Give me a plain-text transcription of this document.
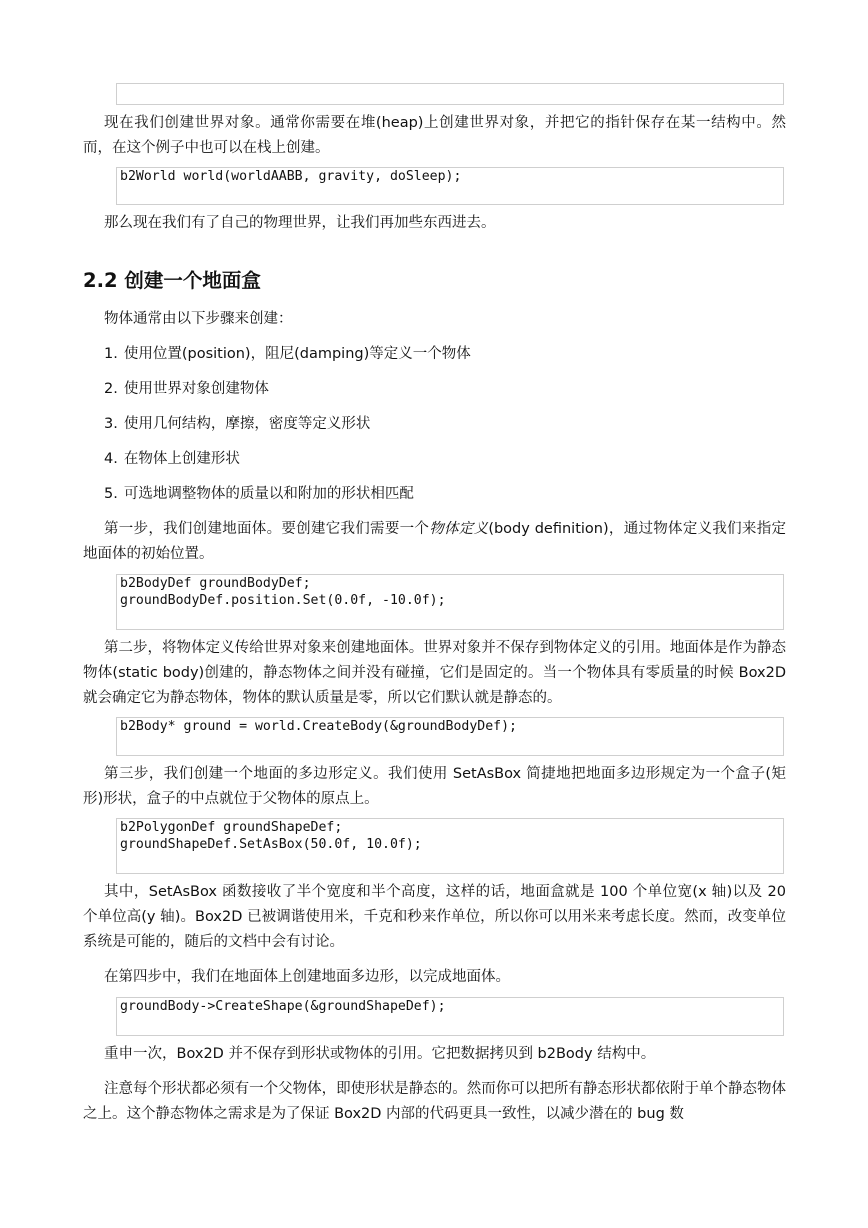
现在我们创建世界对象。通常你需要在堆(heap)上创建世界对象，并把它的指针保存在某一结构中。然而，在这个例子中也可以在栈上创建。

b2World world(worldAABB, gravity, doSleep);

那么现在我们有了自己的物理世界，让我们再加些东西进去。

2.2 创建一个地面盒

物体通常由以下步骤来创建：

1. 使用位置(position)，阻尼(damping)等定义一个物体

2. 使用世界对象创建物体

3. 使用几何结构，摩擦，密度等定义形状

4. 在物体上创建形状

5. 可选地调整物体的质量以和附加的形状相匹配

第一步，我们创建地面体。要创建它我们需要一个物体定义(body definition)，通过物体定义我们来指定地面体的初始位置。

b2BodyDef groundBodyDef;
groundBodyDef.position.Set(0.0f, -10.0f);

第二步，将物体定义传给世界对象来创建地面体。世界对象并不保存到物体定义的引用。地面体是作为静态物体(static body)创建的，静态物体之间并没有碰撞，它们是固定的。当一个物体具有零质量的时候 Box2D 就会确定它为静态物体，物体的默认质量是零，所以它们默认就是静态的。

b2Body* ground = world.CreateBody(&groundBodyDef);

第三步，我们创建一个地面的多边形定义。我们使用 SetAsBox 简捷地把地面多边形规定为一个盒子(矩形)形状，盒子的中点就位于父物体的原点上。

b2PolygonDef groundShapeDef;
groundShapeDef.SetAsBox(50.0f, 10.0f);

其中，SetAsBox 函数接收了半个宽度和半个高度，这样的话，地面盒就是 100 个单位宽(x 轴)以及 20 个单位高(y 轴)。Box2D 已被调谐使用米，千克和秒来作单位，所以你可以用米来考虑长度。然而，改变单位系统是可能的，随后的文档中会有讨论。

在第四步中，我们在地面体上创建地面多边形，以完成地面体。

groundBody->CreateShape(&groundShapeDef);

重申一次，Box2D 并不保存到形状或物体的引用。它把数据拷贝到 b2Body 结构中。

注意每个形状都必须有一个父物体，即使形状是静态的。然而你可以把所有静态形状都依附于单个静态物体之上。这个静态物体之需求是为了保证 Box2D 内部的代码更具一致性，以减少潜在的 bug 数
